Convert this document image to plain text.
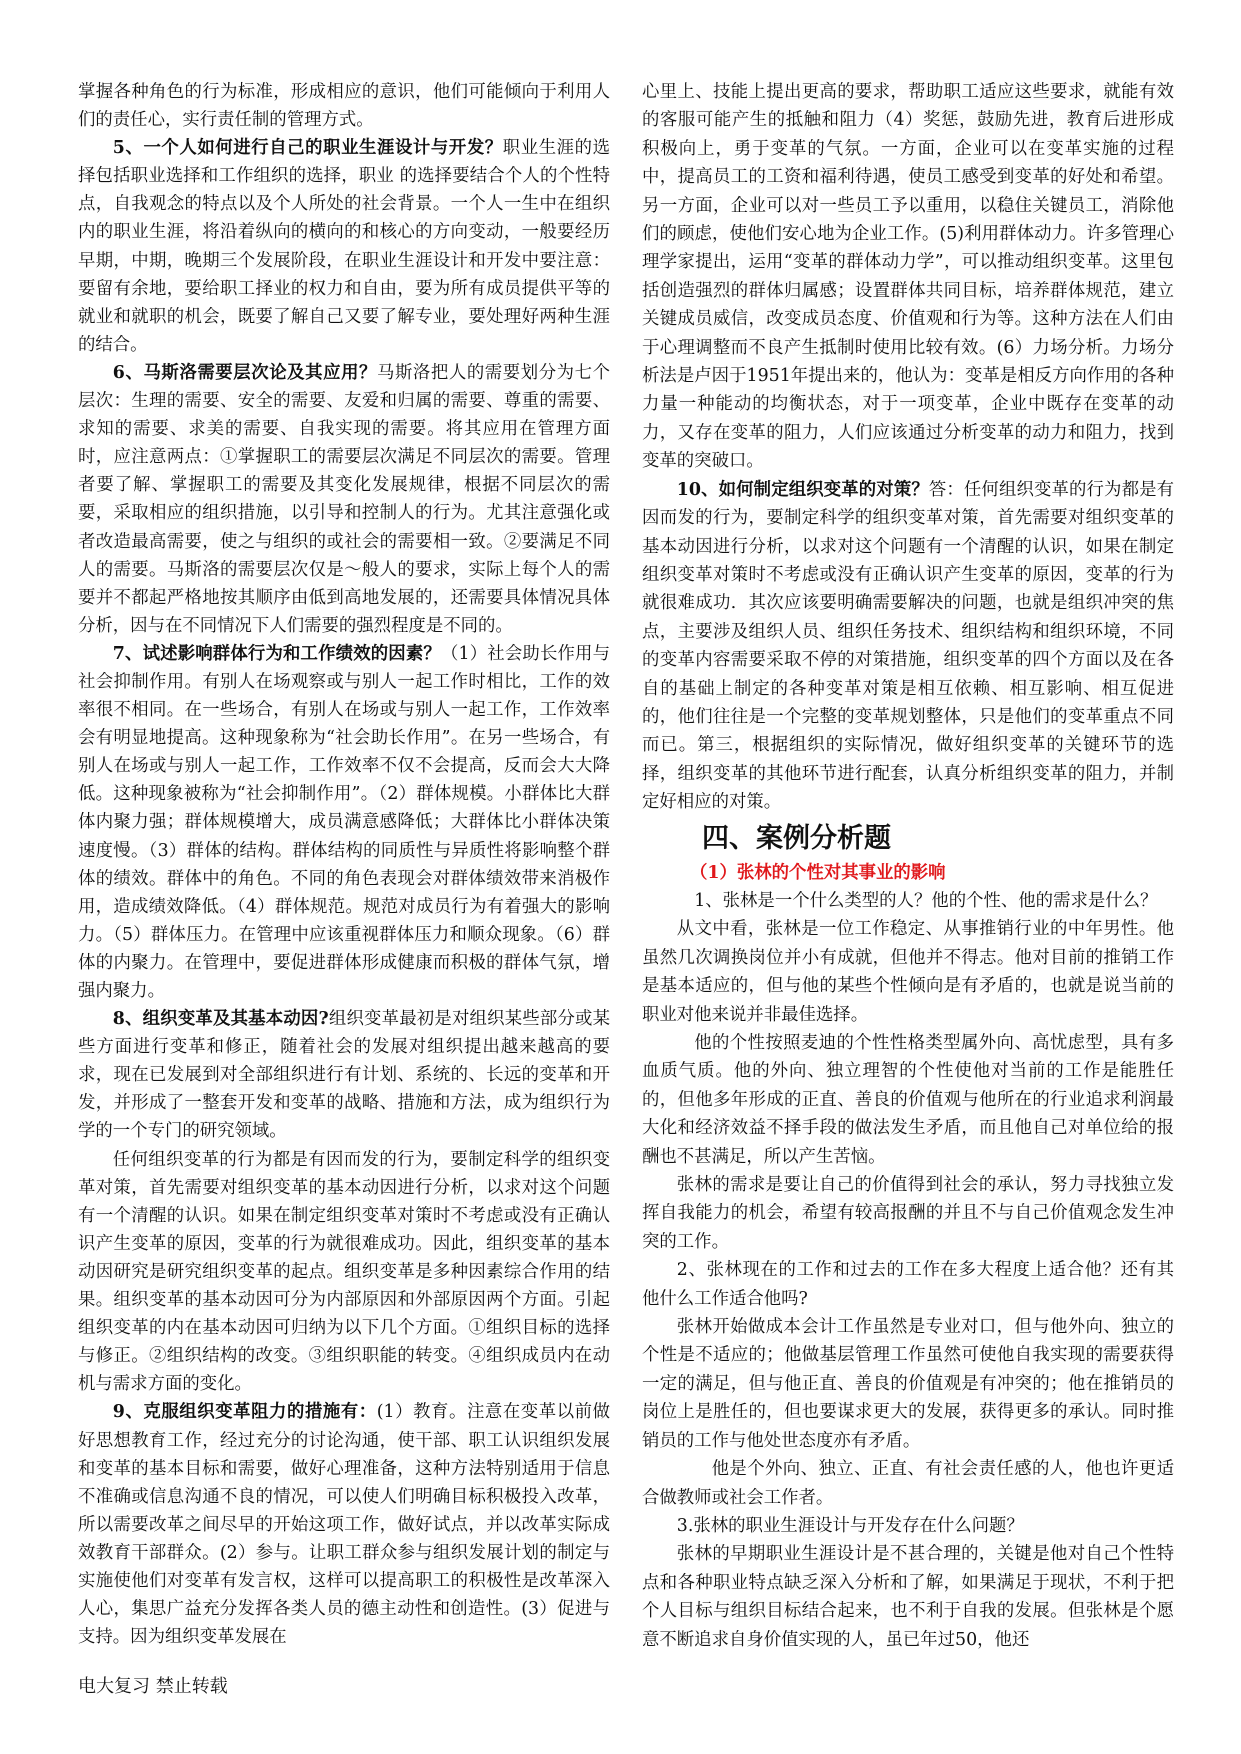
掌握各种角色的行为标准，形成相应的意识，他们可能倾向于利用人们的责任心，实行责任制的管理方式。

5、一个人如何进行自己的职业生涯设计与开发？职业生涯的选择包括职业选择和工作组织的选择，职业 的选择要结合个人的个性特点，自我观念的特点以及个人所处的社会背景。一个人一生中在组织内的职业生涯，将沿着纵向的横向的和核心的方向变动，一般要经历早期，中期，晚期三个发展阶段，在职业生涯设计和开发中要注意：要留有余地，要给职工择业的权力和自由，要为所有成员提供平等的就业和就职的机会，既要了解自己又要了解专业，要处理好两种生涯的结合。

6、马斯洛需要层次论及其应用？马斯洛把人的需要划分为七个层次：生理的需要、安全的需要、友爱和归属的需要、尊重的需要、求知的需要、求美的需要、自我实现的需要。将其应用在管理方面时，应注意两点：①掌握职工的需要层次满足不同层次的需要。管理者要了解、掌握职工的需要及其变化发展规律，根据不同层次的需要，采取相应的组织措施，以引导和控制人的行为。尤其注意强化或者改造最高需要，使之与组织的或社会的需要相一致。②要满足不同人的需要。马斯洛的需要层次仅是～般人的要求，实际上每个人的需要并不都起严格地按其顺序由低到高地发展的，还需要具体情况具体分析，因与在不同情况下人们需要的强烈程度是不同的。

7、试述影响群体行为和工作绩效的因素？（1）社会助长作用与社会抑制作用。有别人在场观察或与别人一起工作时相比，工作的效率很不相同。在一些场合，有别人在场或与别人一起工作，工作效率会有明显地提高。这种现象称为“社会助长作用”。在另一些场合，有别人在场或与别人一起工作，工作效率不仅不会提高，反而会大大降低。这种现象被称为“社会抑制作用”。（2）群体规模。小群体比大群体内聚力强；群体规模增大，成员满意感降低；大群体比小群体决策速度慢。（3）群体的结构。群体结构的同质性与异质性将影响整个群体的绩效。群体中的角色。不同的角色表现会对群体绩效带来消极作用，造成绩效降低。（4）群体规范。规范对成员行为有着强大的影响力。（5）群体压力。在管理中应该重视群体压力和顺众现象。（6）群体的内聚力。在管理中，要促进群体形成健康而积极的群体气氛，增强内聚力。

8、组织变革及其基本动因?组织变革最初是对组织某些部分或某些方面进行变革和修正，随着社会的发展对组织提出越来越高的要求，现在已发展到对全部组织进行有计划、系统的、长远的变革和开发，并形成了一整套开发和变革的战略、措施和方法，成为组织行为学的一个专门的研究领域。

任何组织变革的行为都是有因而发的行为，要制定科学的组织变革对策，首先需要对组织变革的基本动因进行分析，以求对这个问题有一个清醒的认识。如果在制定组织变革对策时不考虑或没有正确认识产生变革的原因，变革的行为就很难成功。因此，组织变革的基本　动因研究是研究组织变革的起点。组织变革是多种因素综合作用的结果。组织变革的基本动因可分为内部原因和外部原因两个方面。引起组织变革的内在基本动因可归纳为以下几个方面。①组织目标的选择与修正。②组织结构的改变。③组织职能的转变。④组织成员内在动机与需求方面的变化。

9、克服组织变革阻力的措施有：(1）教育。注意在变革以前做好思想教育工作，经过充分的讨论沟通，使干部、职工认识组织发展和变革的基本目标和需要，做好心理准备，这种方法特别适用于信息不准确或信息沟通不良的情况，可以使人们明确目标积极投入改革，所以需要改革之间尽早的开始这项工作，做好试点，并以改革实际成效教育干部群众。(2）参与。让职工群众参与组织发展计划的制定与实施使他们对变革有发言权，这样可以提高职工的积极性是改革深入人心，集思广益充分发挥各类人员的德主动性和创造性。(3）促进与支持。因为组织变革发展在

心里上、技能上提出更高的要求，帮助职工适应这些要求，就能有效的客服可能产生的抵触和阻力（4）奖惩，鼓励先进，教育后进形成积极向上，勇于变革的气氛。一方面，企业可以在变革实施的过程中，提高员工的工资和福利待遇，使员工感受到变革的好处和希望。另一方面，企业可以对一些员工予以重用，以稳住关键员工，消除他们的顾虑，使他们安心地为企业工作。(5)利用群体动力。许多管理心理学家提出，运用“变革的群体动力学”，可以推动组织变革。这里包括创造强烈的群体归属感；设置群体共同目标，培养群体规范，建立关键成员威信，改变成员态度、价值观和行为等。这种方法在人们由于心理调整而不良产生抵制时使用比较有效。(6）力场分析。力场分析法是卢因于1951年提出来的，他认为：变革是相反方向作用的各种力量一种能动的均衡状态，对于一项变革，企业中既存在变革的动力，又存在变革的阻力，人们应该通过分析变革的动力和阻力，找到变革的突破口。

10、如何制定组织变革的对策？答：任何组织变革的行为都是有因而发的行为，要制定科学的组织变革对策，首先需要对组织变革的基本动因进行分析，以求对这个问题有一个清醒的认识，如果在制定组织变革对策时不考虑或没有正确认识产生变革的原因，变革的行为就很难成功．其次应该要明确需要解决的问题，也就是组织冲突的焦点，主要涉及组织人员、组织任务技术、组织结构和组织环境，不同的变革内容需要采取不停的对策措施，组织变革的四个方面以及在各自的基础上制定的各种变革对策是相互依赖、相互影响、相互促进的，他们往往是一个完整的变革规划整体，只是他们的变革重点不同而已。第三，根据组织的实际情况，做好组织变革的关键环节的选择，组织变革的其他环节进行配套，认真分析组织变革的阻力，并制定好相应的对策。

四、案例分析题

（1）张林的个性对其事业的影响

1、张林是一个什么类型的人？他的个性、他的需求是什么？

从文中看，张林是一位工作稳定、从事推销行业的中年男性。他虽然几次调换岗位并小有成就，但他并不得志。他对目前的推销工作是基本适应的，但与他的某些个性倾向是有矛盾的，也就是说当前的职业对他来说并非最佳选择。

他的个性按照麦迪的个性性格类型属外向、高忧虑型，具有多血质气质。他的外向、独立理智的个性使他对当前的工作是能胜任的，但他多年形成的正直、善良的价值观与他所在的行业追求利润最大化和经济效益不择手段的做法发生矛盾，而且他自己对单位给的报酬也不甚满足，所以产生苦恼。

张林的需求是要让自己的价值得到社会的承认，努力寻找独立发挥自我能力的机会，希望有较高报酬的并且不与自己价值观念发生冲突的工作。

2、张林现在的工作和过去的工作在多大程度上适合他？还有其他什么工作适合他吗?

张林开始做成本会计工作虽然是专业对口，但与他外向、独立的个性是不适应的；他做基层管理工作虽然可使他自我实现的需要获得一定的满足，但与他正直、善良的价值观是有冲突的；他在推销员的岗位上是胜任的，但也要谋求更大的发展，获得更多的承认。同时推销员的工作与他处世态度亦有矛盾。

他是个外向、独立、正直、有社会责任感的人，他也许更适合做教师或社会工作者。

3.张林的职业生涯设计与开发存在什么问题？

张林的早期职业生涯设计是不甚合理的，关键是他对自己个性特点和各种职业特点缺乏深入分析和了解，如果满足于现状，不利于把个人目标与组织目标结合起来，也不利于自我的发展。但张林是个愿意不断追求自身价值实现的人，虽已年过50，他还

电大复习 禁止转载
